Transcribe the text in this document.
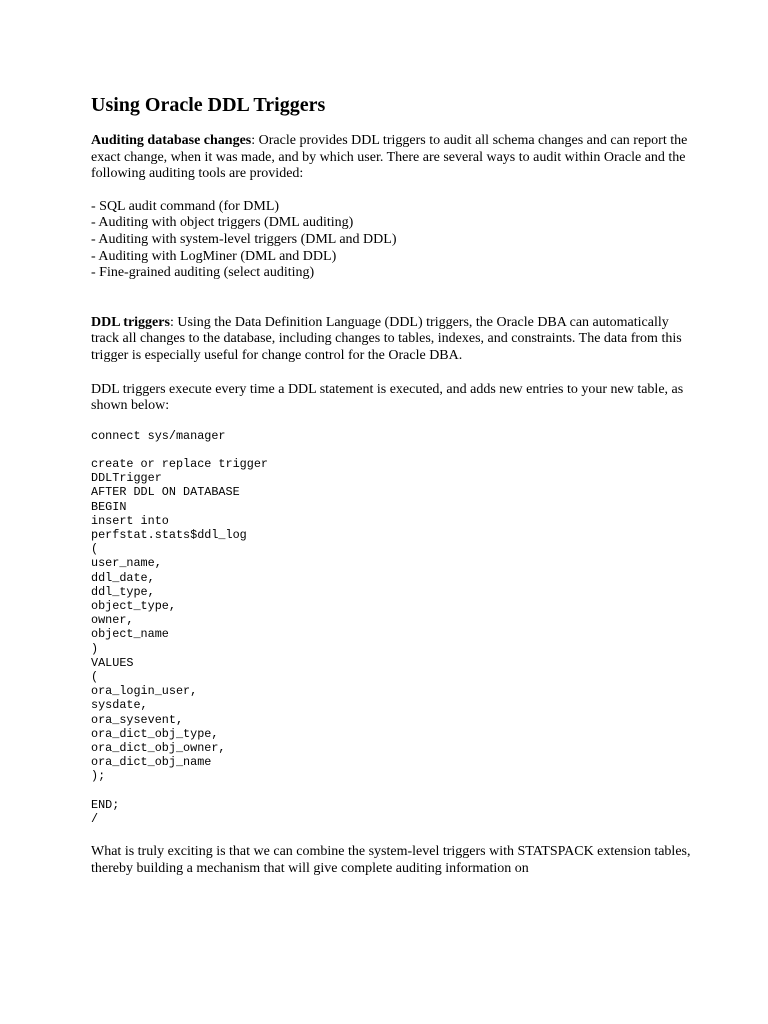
Using Oracle DDL Triggers

Auditing database changes: Oracle provides DDL triggers to audit all schema changes and can report the exact change, when it was made, and by which user. There are several ways to audit within Oracle and the following auditing tools are provided:

- SQL audit command (for DML)
- Auditing with object triggers (DML auditing)
- Auditing with system-level triggers (DML and DDL)
- Auditing with LogMiner (DML and DDL)
- Fine-grained auditing (select auditing)

DDL triggers: Using the Data Definition Language (DDL) triggers, the Oracle DBA can automatically track all changes to the database, including changes to tables, indexes, and constraints. The data from this trigger is especially useful for change control for the Oracle DBA.

DDL triggers execute every time a DDL statement is executed, and adds new entries to your new table, as shown below:

connect sys/manager
create or replace trigger
DDLTrigger
AFTER DDL ON DATABASE
BEGIN
insert into
perfstat.stats$ddl_log
(
user_name,
ddl_date,
ddl_type,
object_type,
owner,
object_name
)
VALUES
(
ora_login_user,
sysdate,
ora_sysevent,
ora_dict_obj_type,
ora_dict_obj_owner,
ora_dict_obj_name
);
END;
/

What is truly exciting is that we can combine the system-level triggers with STATSPACK extension tables, thereby building a mechanism that will give complete auditing information on
